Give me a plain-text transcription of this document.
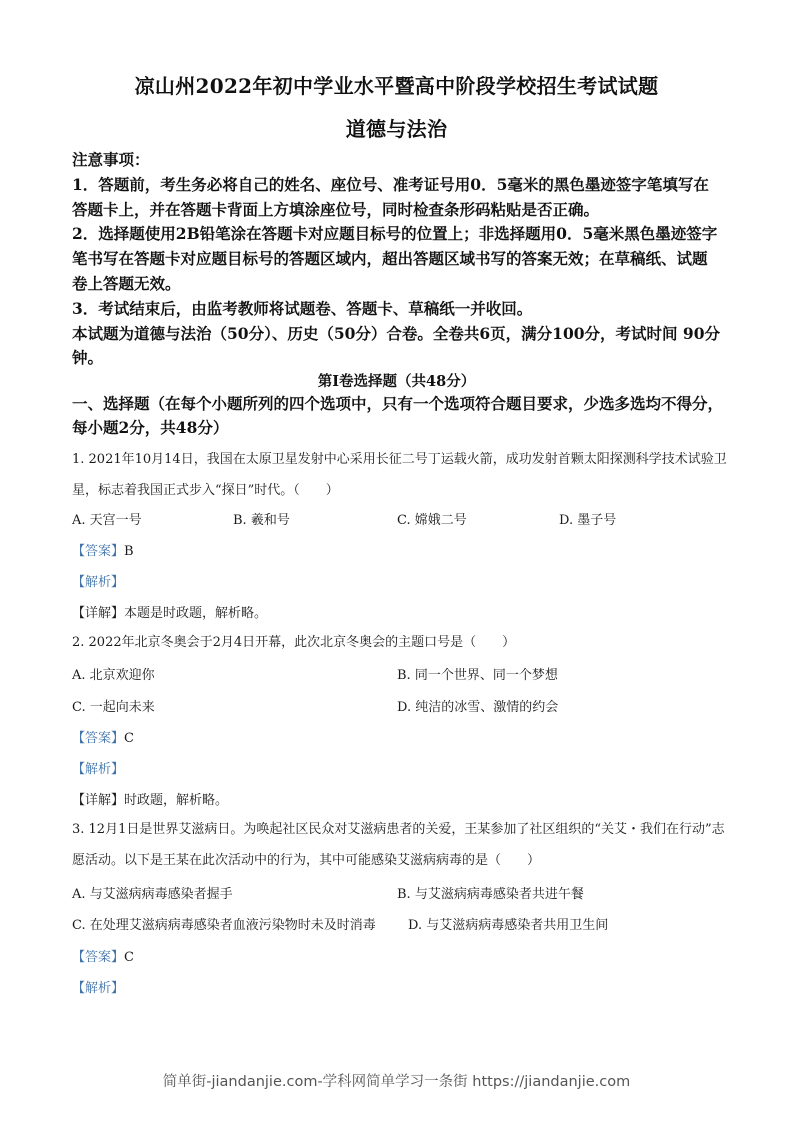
凉山州2022年初中学业水平暨高中阶段学校招生考试试题
道德与法治

注意事项：

1．答题前，考生务必将自己的姓名、座位号、准考证号用0．5毫米的黑色墨迹签字笔填写在答题卡上，并在答题卡背面上方填涂座位号，同时检查条形码粘贴是否正确。

2．选择题使用2B铅笔涂在答题卡对应题目标号的位置上；非选择题用0．5毫米黑色墨迹签字笔书写在答题卡对应题目标号的答题区域内，超出答题区域书写的答案无效；在草稿纸、试题 卷上答题无效。

3．考试结束后，由监考教师将试题卷、答题卡、草稿纸一并收回。

本试题为道德与法治（50分）、历史（50分）合卷。全卷共6页，满分100分，考试时间 90分钟。

第Ⅰ卷选择题（共48分）
一、选择题（在每个小题所列的四个选项中，只有一个选项符合题目要求，少选多选均不得分， 每小题2分，共48分）
1. 2021年10月14日，我国在太原卫星发射中心采用长征二号丁运载火箭，成功发射首颗太阳探测科学技术试验卫星，标志着我国正式步入“探日”时代。（　　）
A. 天宫一号	B. 羲和号	C. 嫦娥二号	D. 墨子号
【答案】B
【解析】
【详解】本题是时政题，解析略。
2. 2022年北京冬奥会于2月4日开幕，此次北京冬奥会的主题口号是（　　）
A. 北京欢迎你	B. 同一个世界、同一个梦想
C. 一起向未来	D. 纯洁的冰雪、激情的约会
【答案】C
【解析】
【详解】时政题，解析略。
3. 12月1日是世界艾滋病日。为唤起社区民众对艾滋病患者的关爱，王某参加了社区组织的“关艾・我们在行动”志愿活动。以下是王某在此次活动中的行为，其中可能感染艾滋病病毒的是（　　）
A. 与艾滋病病毒感染者握手	B. 与艾滋病病毒感染者共进午餐
C. 在处理艾滋病病毒感染者血液污染物时未及时消毒 D. 与艾滋病病毒感染者共用卫生间
【答案】C
【解析】
简单街-jiandanjie.com-学科网简单学习一条街 https://jiandanjie.com
